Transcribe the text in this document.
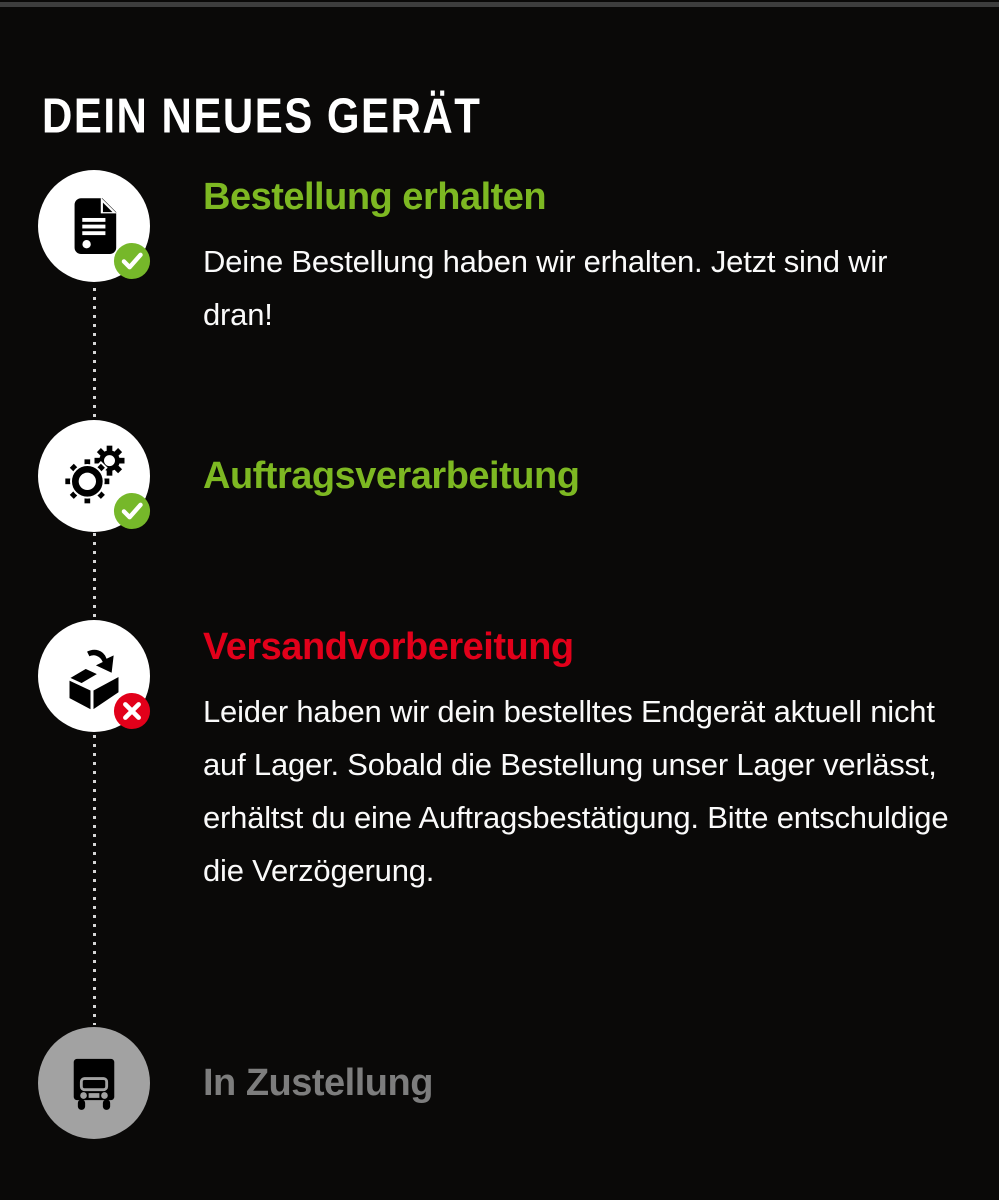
DEIN NEUES GERÄT
Bestellung erhalten

Deine Bestellung haben wir erhalten. Jetzt sind wir dran!

Auftragsverarbeitung
Versandvorbereitung

Leider haben wir dein bestelltes Endgerät aktuell nicht auf Lager. Sobald die Bestellung unser Lager verlässt, erhältst du eine Auftragsbestätigung. Bitte entschuldige die Verzögerung.

In Zustellung
